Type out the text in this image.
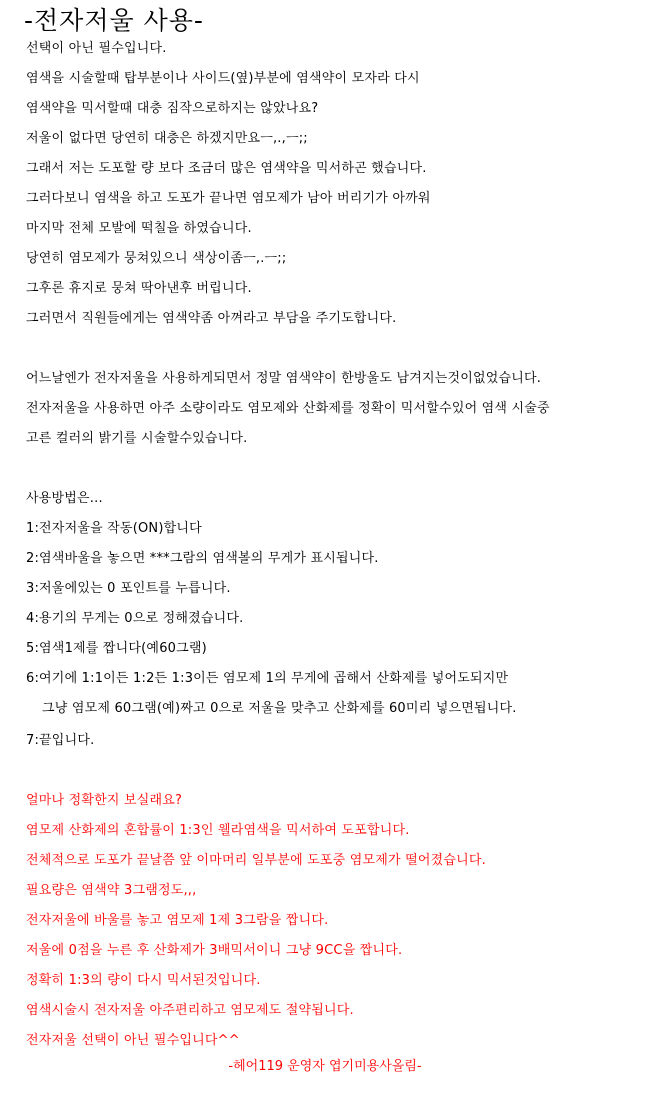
-전자저울 사용-
선택이 아닌 필수입니다.
염색을 시술할때 탑부분이나 사이드(옆)부분에 염색약이 모자라 다시
염색약을 믹서할때 대충 짐작으로하지는 않았나요?
저울이 없다면 당연히 대충은 하겠지만요ㅡ,.,ㅡ;;
그래서 저는 도포할 량 보다 조금더 많은 염색약을 믹서하곤 했습니다.
그러다보니 염색을 하고 도포가 끝나면 염모제가 남아 버리기가 아까워
마지막 전체 모발에 떡칠을 하였습니다.
당연히 염모제가 뭉쳐있으니 색상이좀ㅡ,.ㅡ;;
그후론 휴지로 뭉쳐 딱아낸후 버립니다.
그러면서 직원들에게는 염색약좀 아껴라고 부담을 주기도합니다.
어느날엔가 전자저울을 사용하게되면서 정말 염색약이 한방울도 남겨지는것이없었습니다.
전자저울을 사용하면 아주 소량이라도 염모제와 산화제를 정확이 믹서할수있어 염색 시술중
고른 컬러의 밝기를 시술할수있습니다.
사용방법은...
1:전자저울을 작동(ON)합니다
2:염색바울을 놓으면 ***그람의 염색볼의 무게가 표시됩니다.
3:저울에있는 0 포인트를 누릅니다.
4:용기의 무게는 0으로 정해졌습니다.
5:염색1제를 짭니다(예60그램)
6:여기에 1:1이든 1:2든 1:3이든 염모제 1의 무게에 곱해서 산화제를 넣어도되지만
그냥 염모제 60그램(예)짜고 0으로 저울을 맞추고 산화제를 60미리 넣으면됩니다.
7:끝입니다.
얼마나 정확한지 보실래요?
염모제 산화제의 혼합률이 1:3인 웰라염색을 믹서하여 도포합니다.
전체적으로 도포가 끝날쯤 앞 이마머리 일부분에 도포중 염모제가 떨어졌습니다.
필요량은 염색약 3그램정도,,,
전자저울에 바울를 놓고 염모제 1제 3그람을 짭니다.
저울에 0점을 누른 후 산화제가 3배믹서이니 그냥 9CC을 짭니다.
정확히 1:3의 량이 다시 믹서된것입니다.
염색시술시 전자저울 아주편리하고 염모제도 절약됩니다.
전자저울 선택이 아닌 필수입니다^^
-헤어119 운영자 엽기미용사올림-
